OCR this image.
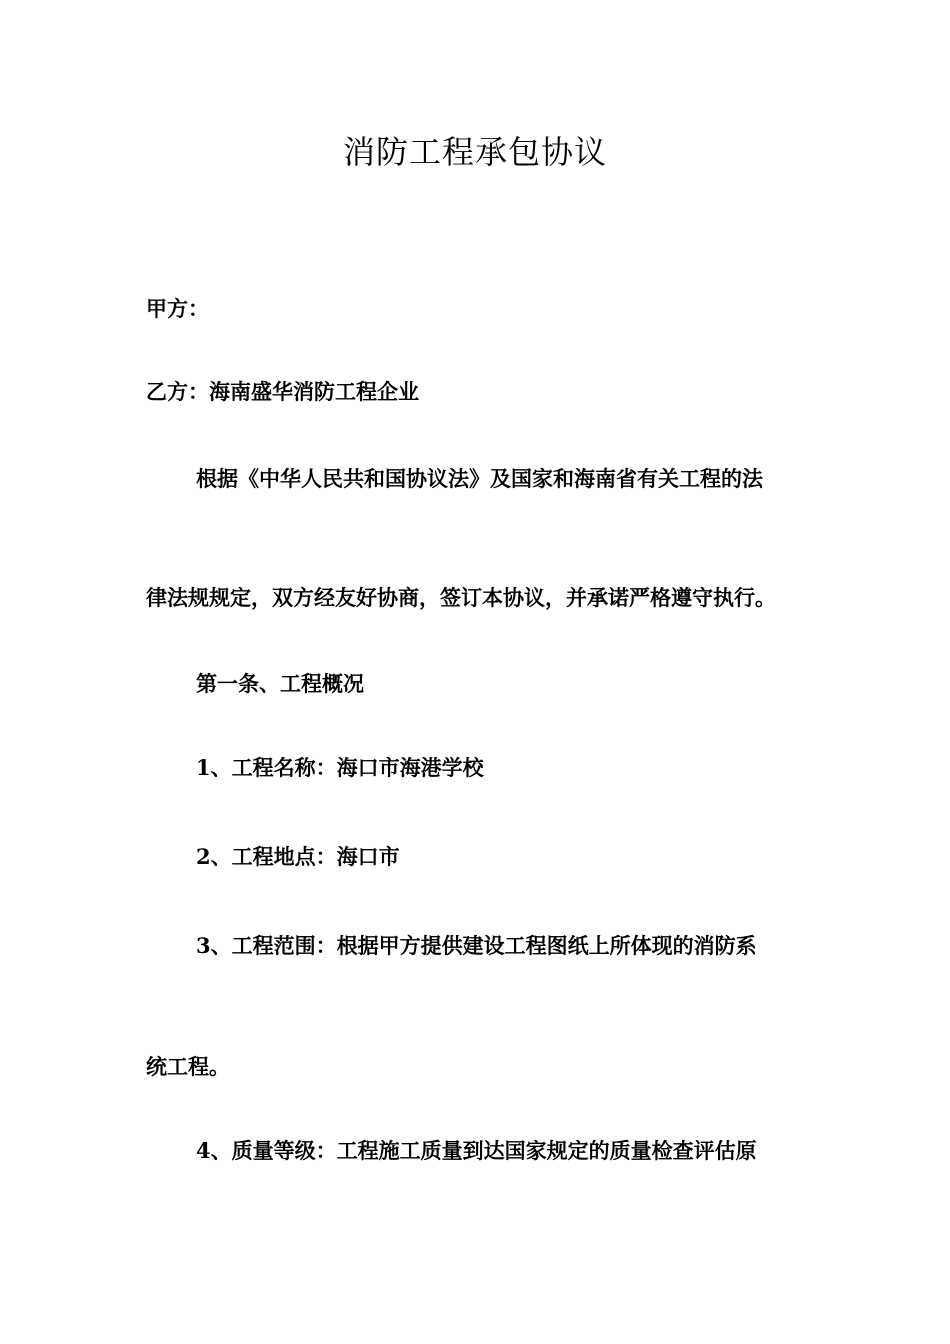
消防工程承包协议
甲方：
乙方：海南盛华消防工程企业
根据《中华人民共和国协议法》及国家和海南省有关工程的法
律法规规定，双方经友好协商，签订本协议，并承诺严格遵守执行。
第一条、工程概况
1、工程名称：海口市海港学校
2、工程地点：海口市
3、工程范围：根据甲方提供建设工程图纸上所体现的消防系
统工程。
4、质量等级：工程施工质量到达国家规定的质量检查评估原
